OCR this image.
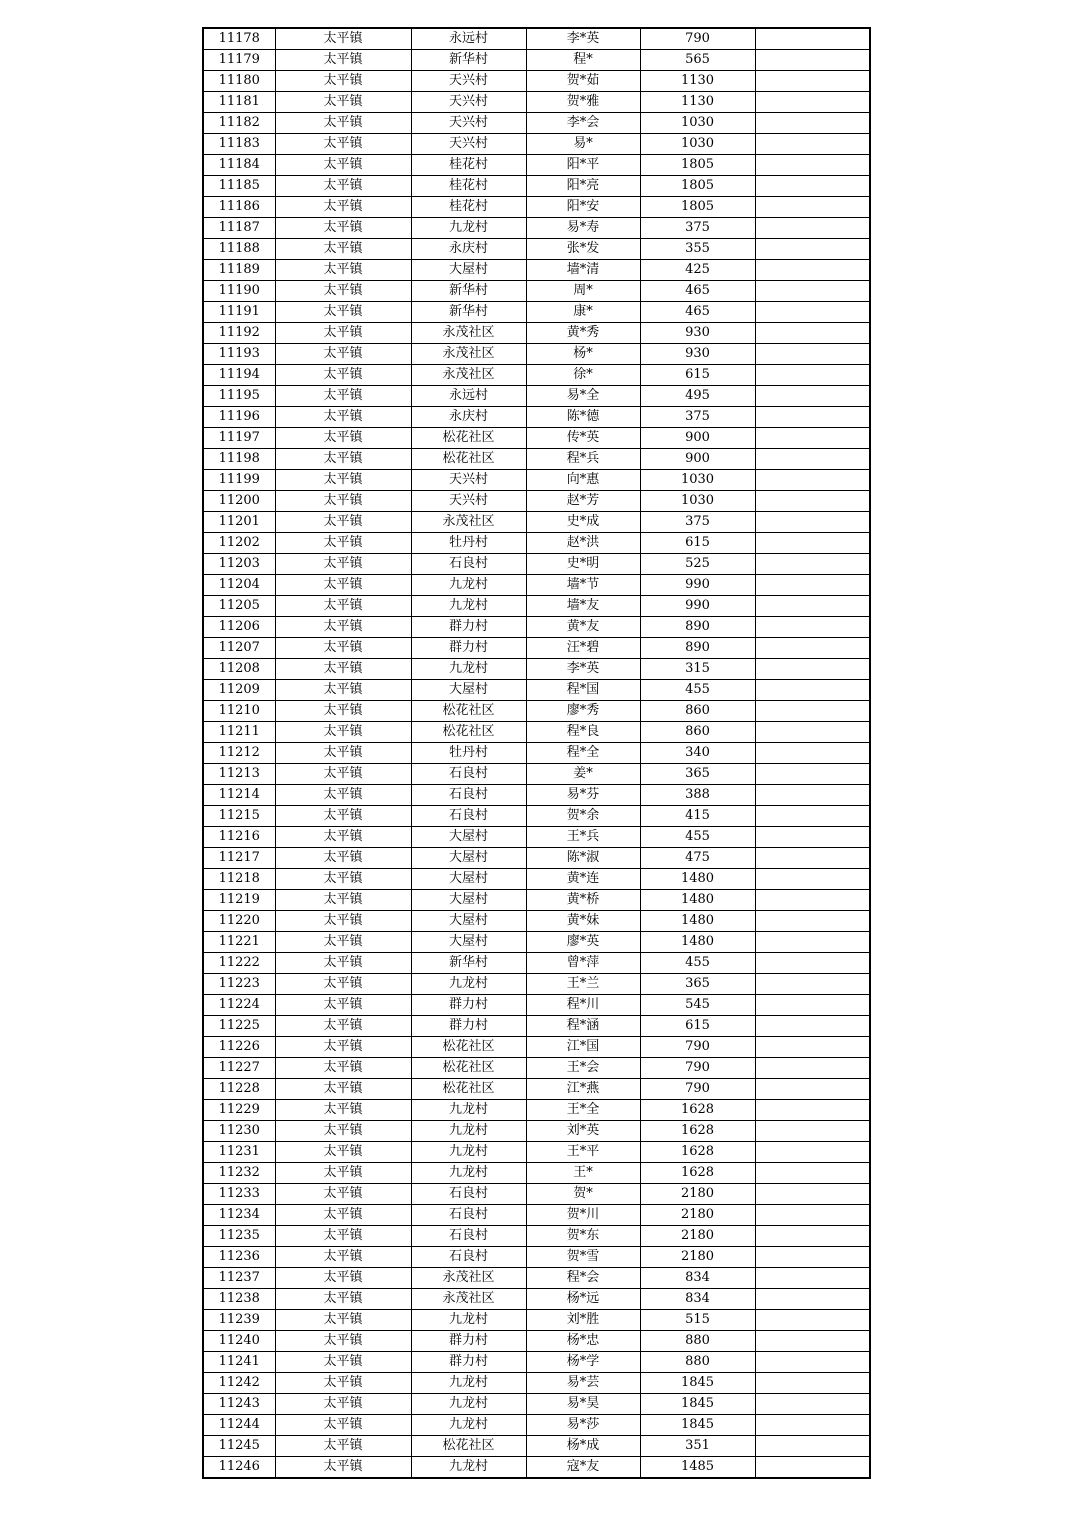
11178	太平镇	永远村	李*英	790	
11179	太平镇	新华村	程*	565	
11180	太平镇	天兴村	贺*茹	1130	
11181	太平镇	天兴村	贺*雅	1130	
11182	太平镇	天兴村	李*会	1030	
11183	太平镇	天兴村	易*	1030	
11184	太平镇	桂花村	阳*平	1805	
11185	太平镇	桂花村	阳*亮	1805	
11186	太平镇	桂花村	阳*安	1805	
11187	太平镇	九龙村	易*寿	375	
11188	太平镇	永庆村	张*发	355	
11189	太平镇	大屋村	墙*清	425	
11190	太平镇	新华村	周*	465	
11191	太平镇	新华村	康*	465	
11192	太平镇	永茂社区	黄*秀	930	
11193	太平镇	永茂社区	杨*	930	
11194	太平镇	永茂社区	徐*	615	
11195	太平镇	永远村	易*全	495	
11196	太平镇	永庆村	陈*德	375	
11197	太平镇	松花社区	传*英	900	
11198	太平镇	松花社区	程*兵	900	
11199	太平镇	天兴村	向*惠	1030	
11200	太平镇	天兴村	赵*芳	1030	
11201	太平镇	永茂社区	史*成	375	
11202	太平镇	牡丹村	赵*洪	615	
11203	太平镇	石良村	史*明	525	
11204	太平镇	九龙村	墙*节	990	
11205	太平镇	九龙村	墙*友	990	
11206	太平镇	群力村	黄*友	890	
11207	太平镇	群力村	汪*碧	890	
11208	太平镇	九龙村	李*英	315	
11209	太平镇	大屋村	程*国	455	
11210	太平镇	松花社区	廖*秀	860	
11211	太平镇	松花社区	程*良	860	
11212	太平镇	牡丹村	程*全	340	
11213	太平镇	石良村	姜*	365	
11214	太平镇	石良村	易*芬	388	
11215	太平镇	石良村	贺*余	415	
11216	太平镇	大屋村	王*兵	455	
11217	太平镇	大屋村	陈*淑	475	
11218	太平镇	大屋村	黄*连	1480	
11219	太平镇	大屋村	黄*桥	1480	
11220	太平镇	大屋村	黄*妹	1480	
11221	太平镇	大屋村	廖*英	1480	
11222	太平镇	新华村	曾*萍	455	
11223	太平镇	九龙村	王*兰	365	
11224	太平镇	群力村	程*川	545	
11225	太平镇	群力村	程*涵	615	
11226	太平镇	松花社区	江*国	790	
11227	太平镇	松花社区	王*会	790	
11228	太平镇	松花社区	江*燕	790	
11229	太平镇	九龙村	王*全	1628	
11230	太平镇	九龙村	刘*英	1628	
11231	太平镇	九龙村	王*平	1628	
11232	太平镇	九龙村	王*	1628	
11233	太平镇	石良村	贺*	2180	
11234	太平镇	石良村	贺*川	2180	
11235	太平镇	石良村	贺*东	2180	
11236	太平镇	石良村	贺*雪	2180	
11237	太平镇	永茂社区	程*会	834	
11238	太平镇	永茂社区	杨*远	834	
11239	太平镇	九龙村	刘*胜	515	
11240	太平镇	群力村	杨*忠	880	
11241	太平镇	群力村	杨*学	880	
11242	太平镇	九龙村	易*芸	1845	
11243	太平镇	九龙村	易*昊	1845	
11244	太平镇	九龙村	易*莎	1845	
11245	太平镇	松花社区	杨*成	351	
11246	太平镇	九龙村	寇*友	1485	
